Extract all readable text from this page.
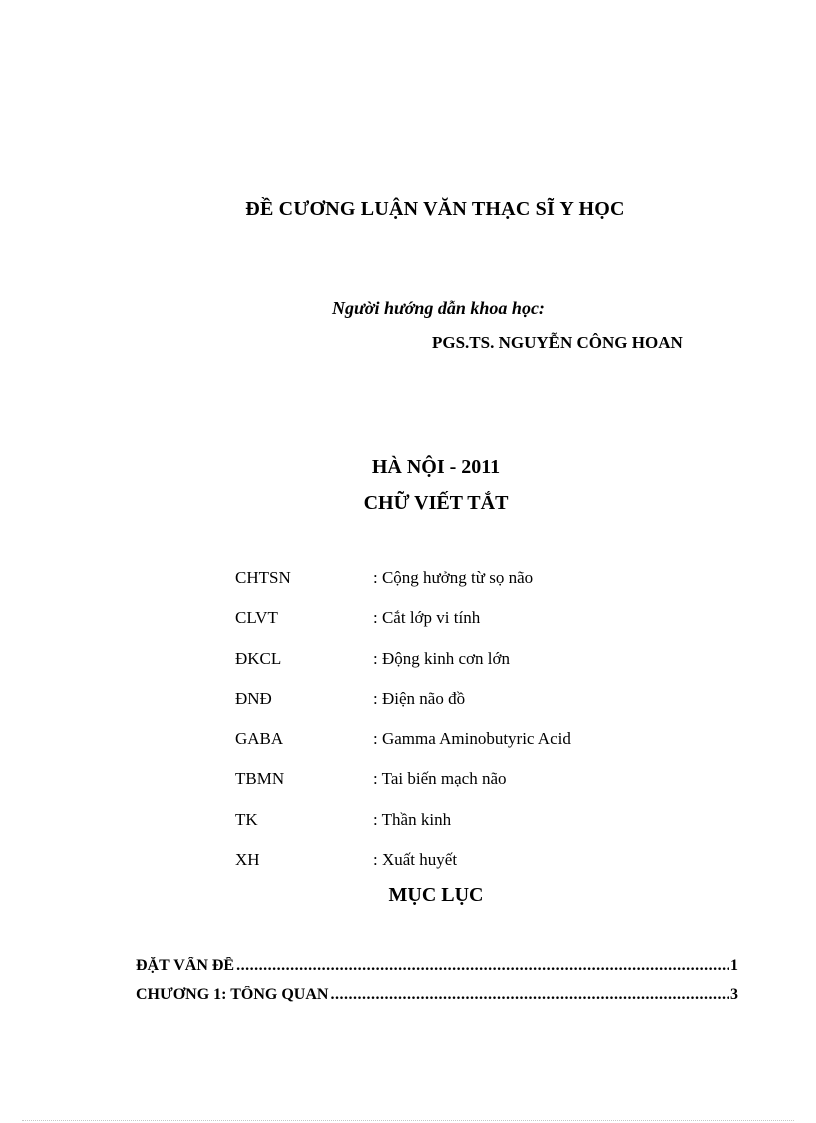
ĐỀ CƯƠNG LUẬN VĂN THẠC SĨ Y HỌC
Người hướng dẫn khoa học:
PGS.TS. NGUYỄN CÔNG HOAN
HÀ NỘI - 2011
CHỮ VIẾT TẮT
CHTSN	: Cộng hưởng từ sọ não
CLVT	: Cắt lớp vi tính
ĐKCL	: Động kinh cơn lớn
ĐNĐ	: Điện não đồ
GABA	: Gamma Aminobutyric Acid
TBMN	: Tai biến mạch não
TK	: Thần kinh
XH	: Xuất huyết
MỤC LỤC
ĐẶT VẤN ĐỀ .....	1
CHƯƠNG 1: TỔNG QUAN .....	3
